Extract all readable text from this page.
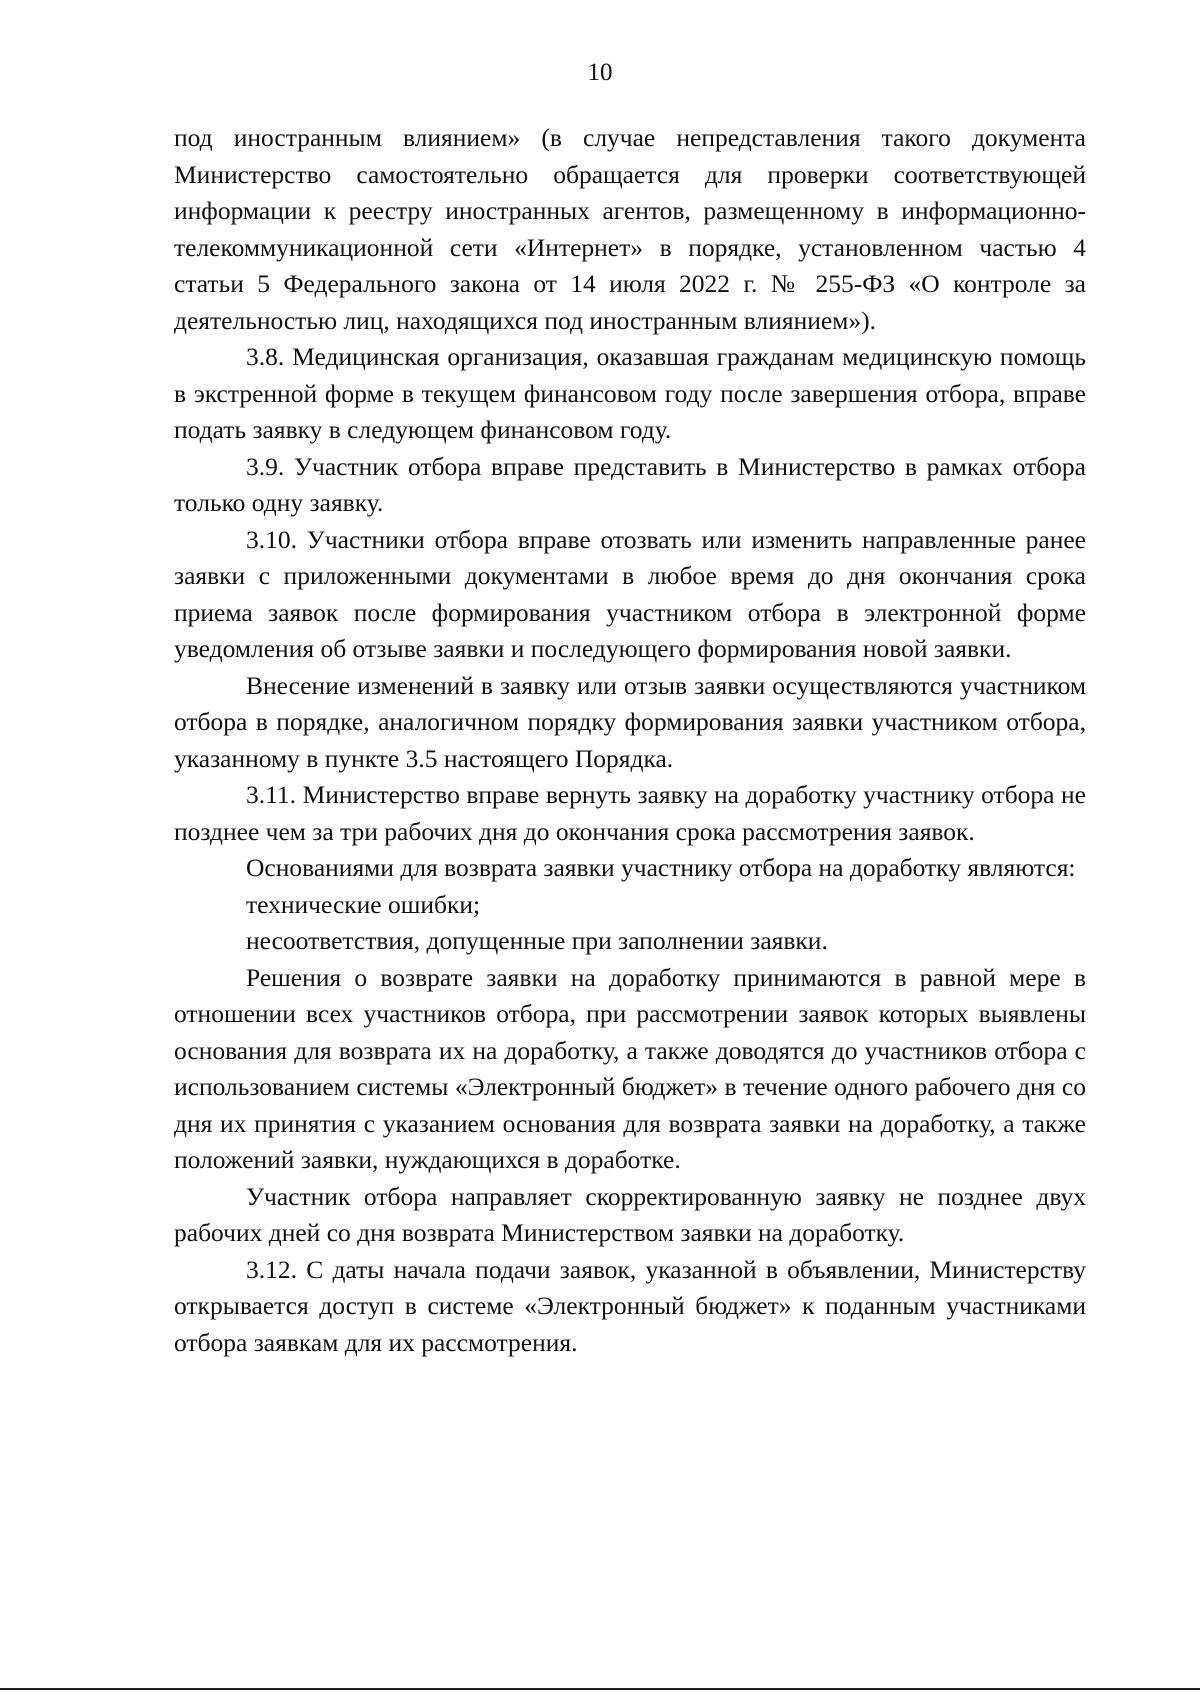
10

под иностранным влиянием» (в случае непредставления такого документа Министерство самостоятельно обращается для проверки соответствующей информации к реестру иностранных агентов, размещенному в информационно-телекоммуникационной сети «Интернет» в порядке, установленном частью 4 статьи 5 Федерального закона от 14 июля 2022 г. № 255-ФЗ «О контроле за деятельностью лиц, находящихся под иностранным влиянием»).

3.8. Медицинская организация, оказавшая гражданам медицинскую помощь в экстренной форме в текущем финансовом году после завершения отбора, вправе подать заявку в следующем финансовом году.

3.9. Участник отбора вправе представить в Министерство в рамках отбора только одну заявку.

3.10. Участники отбора вправе отозвать или изменить направленные ранее заявки с приложенными документами в любое время до дня окончания срока приема заявок после формирования участником отбора в электронной форме уведомления об отзыве заявки и последующего формирования новой заявки.

Внесение изменений в заявку или отзыв заявки осуществляются участником отбора в порядке, аналогичном порядку формирования заявки участником отбора, указанному в пункте 3.5 настоящего Порядка.

3.11. Министерство вправе вернуть заявку на доработку участнику отбора не позднее чем за три рабочих дня до окончания срока рассмотрения заявок.

Основаниями для возврата заявки участнику отбора на доработку являются:

технические ошибки;

несоответствия, допущенные при заполнении заявки.

Решения о возврате заявки на доработку принимаются в равной мере в отношении всех участников отбора, при рассмотрении заявок которых выявлены основания для возврата их на доработку, а также доводятся до участников отбора с использованием системы «Электронный бюджет» в течение одного рабочего дня со дня их принятия с указанием основания для возврата заявки на доработку, а также положений заявки, нуждающихся в доработке.

Участник отбора направляет скорректированную заявку не позднее двух рабочих дней со дня возврата Министерством заявки на доработку.

3.12. С даты начала подачи заявок, указанной в объявлении, Министерству открывается доступ в системе «Электронный бюджет» к поданным участниками отбора заявкам для их рассмотрения.
